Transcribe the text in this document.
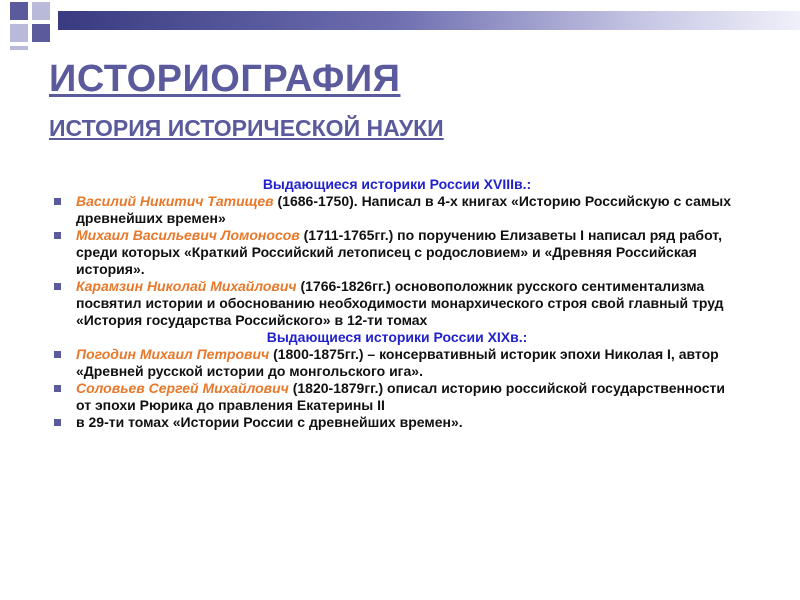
ИСТОРИОГРАФИЯ
ИСТОРИЯ ИСТОРИЧЕСКОЙ НАУКИ

Выдающиеся историки России XVIIIв.:

Василий Никитич Татищев (1686-1750). Написал в 4-х книгах «Историю Российскую с самых древнейших времен»

Михаил Васильевич Ломоносов (1711-1765гг.) по поручению Елизаветы I написал ряд работ, среди которых «Краткий Российский летописец с родословием» и «Древняя Российская история».

Карамзин Николай Михайлович (1766-1826гг.) основоположник русского сентиментализма посвятил истории и обоснованию необходимости монархического строя свой главный труд «История государства Российского» в 12-ти томах

Выдающиеся историки России XIXв.:

Погодин Михаил Петрович (1800-1875гг.) – консервативный историк эпохи Николая I, автор «Древней русской истории до монгольского ига».

Соловьев Сергей Михайлович (1820-1879гг.) описал историю российской государственности от эпохи Рюрика до правления Екатерины II

в 29-ти томах «Истории России с древнейших времен».
